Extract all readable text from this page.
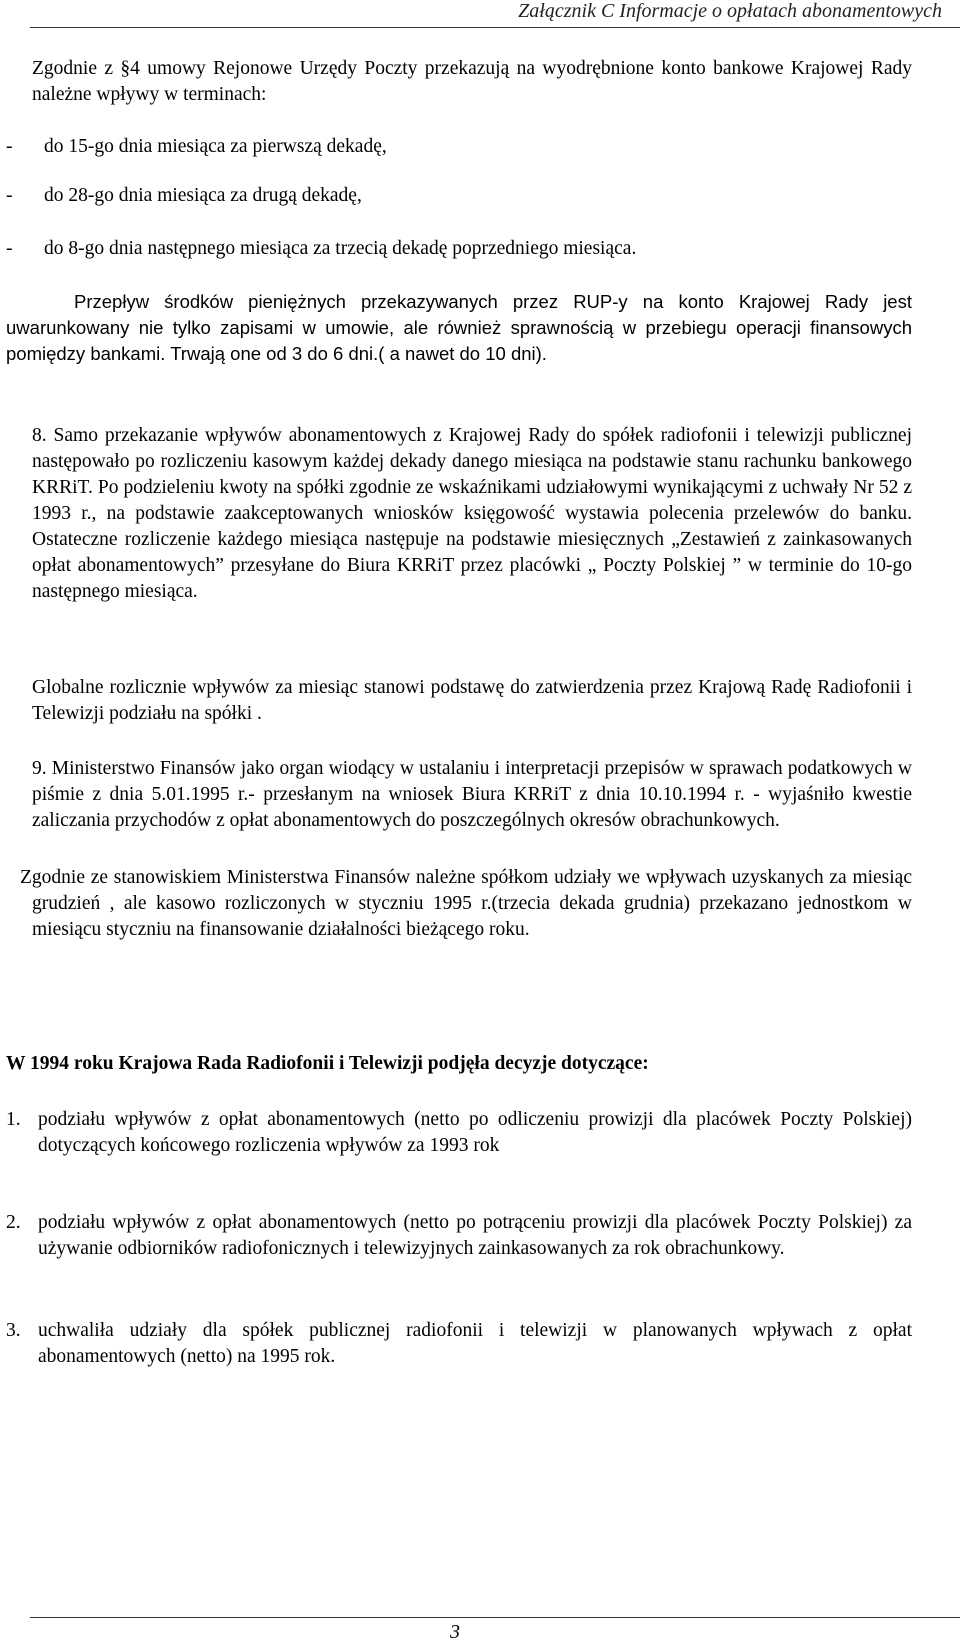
Załącznik C Informacje o opłatach abonamentowych
Zgodnie z §4 umowy Rejonowe Urzędy Poczty przekazują na wyodrębnione konto bankowe Krajowej Rady należne wpływy w terminach:
- do 15-go dnia miesiąca za pierwszą dekadę,
- do 28-go dnia miesiąca za drugą dekadę,
- do 8-go dnia następnego miesiąca za trzecią dekadę poprzedniego miesiąca.
Przepływ środków pieniężnych przekazywanych przez RUP-y na konto Krajowej Rady jest uwarunkowany nie tylko zapisami w umowie, ale również sprawnością w przebiegu operacji finansowych pomiędzy bankami. Trwają one od 3 do 6 dni.( a nawet do 10 dni).
8. Samo przekazanie wpływów abonamentowych z Krajowej Rady do spółek radiofonii i telewizji publicznej następowało po rozliczeniu kasowym każdej dekady danego miesiąca na podstawie stanu rachunku bankowego KRRiT. Po podzieleniu kwoty na spółki zgodnie ze wskaźnikami udziałowymi wynikającymi z uchwały Nr 52 z 1993 r., na podstawie zaakceptowanych wniosków księgowość wystawia polecenia przelewów do banku. Ostateczne rozliczenie każdego miesiąca następuje na podstawie miesięcznych „Zestawień z zainkasowanych opłat abonamentowych” przesyłane do Biura KRRiT przez placówki „ Poczty Polskiej ” w terminie do 10-go następnego miesiąca.
Globalne rozlicznie wpływów za miesiąc stanowi podstawę do zatwierdzenia przez Krajową Radę Radiofonii i Telewizji podziału na spółki .
9. Ministerstwo Finansów jako organ wiodący w ustalaniu i interpretacji przepisów w sprawach podatkowych w piśmie z dnia 5.01.1995 r.- przesłanym na wniosek Biura KRRiT z dnia 10.10.1994 r. - wyjaśniło kwestie zaliczania przychodów z opłat abonamentowych do poszczególnych okresów obrachunkowych.
Zgodnie ze stanowiskiem Ministerstwa Finansów należne spółkom udziały we wpływach uzyskanych za miesiąc grudzień , ale kasowo rozliczonych w styczniu 1995 r.(trzecia dekada grudnia) przekazano jednostkom w miesiącu styczniu na finansowanie działalności bieżącego roku.
W 1994 roku Krajowa Rada Radiofonii i Telewizji podjęła decyzje dotyczące:
1. podziału wpływów z opłat abonamentowych (netto po odliczeniu prowizji dla placówek Poczty Polskiej) dotyczących końcowego rozliczenia wpływów za 1993 rok
2. podziału wpływów z opłat abonamentowych (netto po potrąceniu prowizji dla placówek Poczty Polskiej) za używanie odbiorników radiofonicznych i telewizyjnych zainkasowanych za rok obrachunkowy.
3. uchwaliła udziały dla spółek publicznej radiofonii i telewizji w planowanych wpływach z opłat abonamentowych (netto) na 1995 rok.
3
